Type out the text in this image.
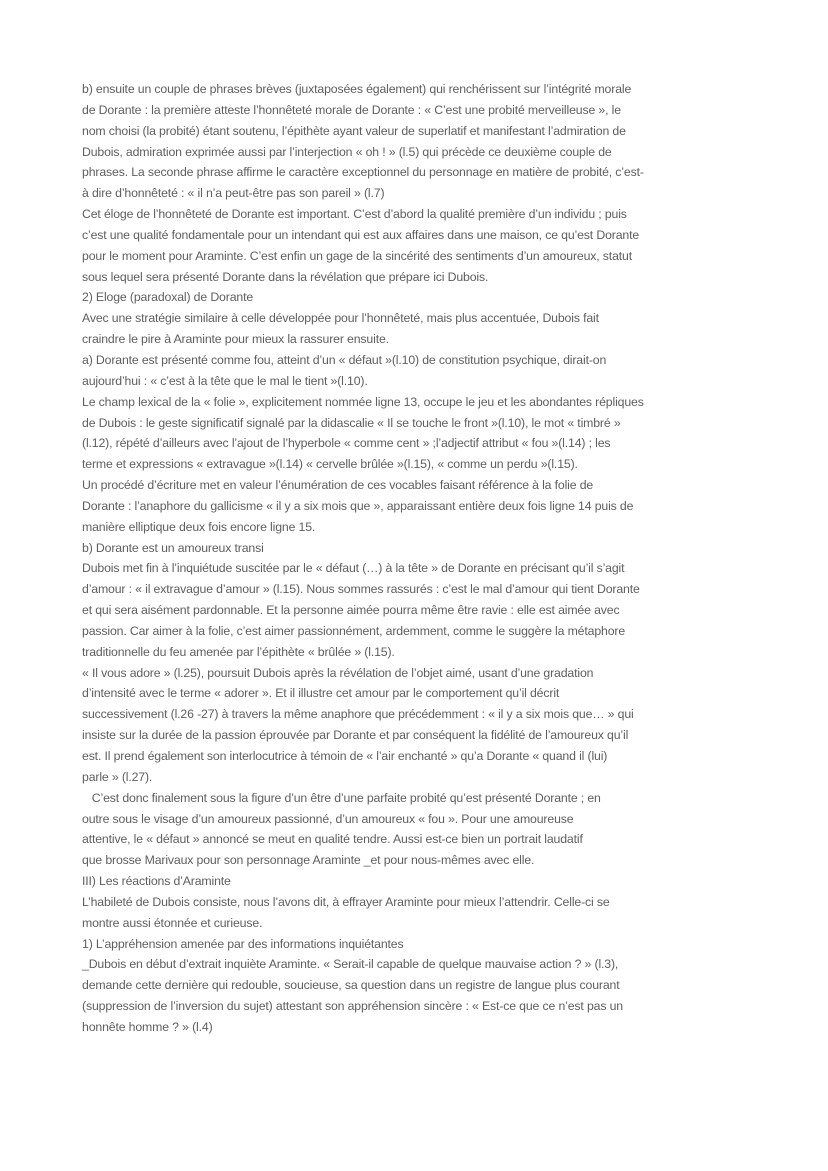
b) ensuite un couple de phrases brèves (juxtaposées également) qui renchérissent sur l’intégrité morale
de Dorante : la première atteste l’honnêteté morale de Dorante : « C’est une probité merveilleuse », le
nom choisi (la probité) étant soutenu, l’épithète ayant valeur de superlatif et manifestant l’admiration de
Dubois, admiration exprimée aussi par l’interjection « oh ! » (l.5) qui précède ce deuxième couple de
phrases. La seconde phrase affirme le caractère exceptionnel du personnage en matière de probité, c’est-
à dire d’honnêteté : « il n’a peut-être pas son pareil » (l.7)
Cet éloge de l’honnêteté de Dorante est important. C’est d’abord la qualité première d’un individu ; puis
c’est une qualité fondamentale pour un intendant qui est aux affaires dans une maison, ce qu’est Dorante
pour le moment pour Araminte. C’est enfin un gage de la sincérité des sentiments d’un amoureux, statut
sous lequel sera présenté Dorante dans la révélation que prépare ici Dubois.
2) Eloge (paradoxal) de Dorante
Avec une stratégie similaire à celle développée pour l’honnêteté, mais plus accentuée, Dubois fait
craindre le pire à Araminte pour mieux la rassurer ensuite.
a) Dorante est présenté comme fou, atteint d’un « défaut »(l.10) de constitution psychique, dirait-on
aujourd’hui : « c’est à la tête que le mal le tient »(l.10).
Le champ lexical de la « folie », explicitement nommée ligne 13, occupe le jeu et les abondantes répliques
de Dubois : le geste significatif signalé par la didascalie « Il se touche le front »(l.10), le mot « timbré »
(l.12), répété d’ailleurs avec l’ajout de l’hyperbole « comme cent » ;l’adjectif attribut « fou »(l.14) ; les
terme et expressions « extravague »(l.14) « cervelle brûlée »(l.15), « comme un perdu »(l.15).
Un procédé d’écriture met en valeur l’énumération de ces vocables faisant référence à la folie de
Dorante : l’anaphore du gallicisme « il y a six mois que », apparaissant entière deux fois ligne 14 puis de
manière elliptique deux fois encore ligne 15.
b) Dorante est un amoureux transi
Dubois met fin à l’inquiétude suscitée par le « défaut (…) à la tête » de Dorante en précisant qu’il s’agit
d’amour : « il extravague d’amour » (l.15). Nous sommes rassurés : c’est le mal d’amour qui tient Dorante
et qui sera aisément pardonnable. Et la personne aimée pourra même être ravie : elle est aimée avec
passion. Car aimer à la folie, c’est aimer passionnément, ardemment, comme le suggère la métaphore
traditionnelle du feu amenée par l’épithète « brûlée » (l.15).
« Il vous adore » (l.25), poursuit Dubois après la révélation de l’objet aimé, usant d’une gradation
d’intensité avec le terme « adorer ». Et il illustre cet amour par le comportement qu’il décrit
successivement (l.26 -27) à travers la même anaphore que précédemment : « il y a six mois que… » qui
insiste sur la durée de la passion éprouvée par Dorante et par conséquent la fidélité de l’amoureux qu’il
est. Il prend également son interlocutrice à témoin de « l’air enchanté » qu’a Dorante « quand il (lui)
parle » (l.27).
C’est donc finalement sous la figure d’un être d’une parfaite probité qu’est présenté Dorante ; en
outre sous le visage d’un amoureux passionné, d’un amoureux « fou ». Pour une amoureuse
attentive, le « défaut » annoncé se meut en qualité tendre. Aussi est-ce bien un portrait laudatif
que brosse Marivaux pour son personnage Araminte _et pour nous-mêmes avec elle.
III) Les réactions d’Araminte
L’habileté de Dubois consiste, nous l’avons dit, à effrayer Araminte pour mieux l’attendrir. Celle-ci se
montre aussi étonnée et curieuse.
1) L’appréhension amenée par des informations inquiétantes
_Dubois en début d’extrait inquiète Araminte. « Serait-il capable de quelque mauvaise action ? » (l.3),
demande cette dernière qui redouble, soucieuse, sa question dans un registre de langue plus courant
(suppression de l’inversion du sujet) attestant son appréhension sincère : « Est-ce que ce n’est pas un
honnête homme ? » (l.4)
